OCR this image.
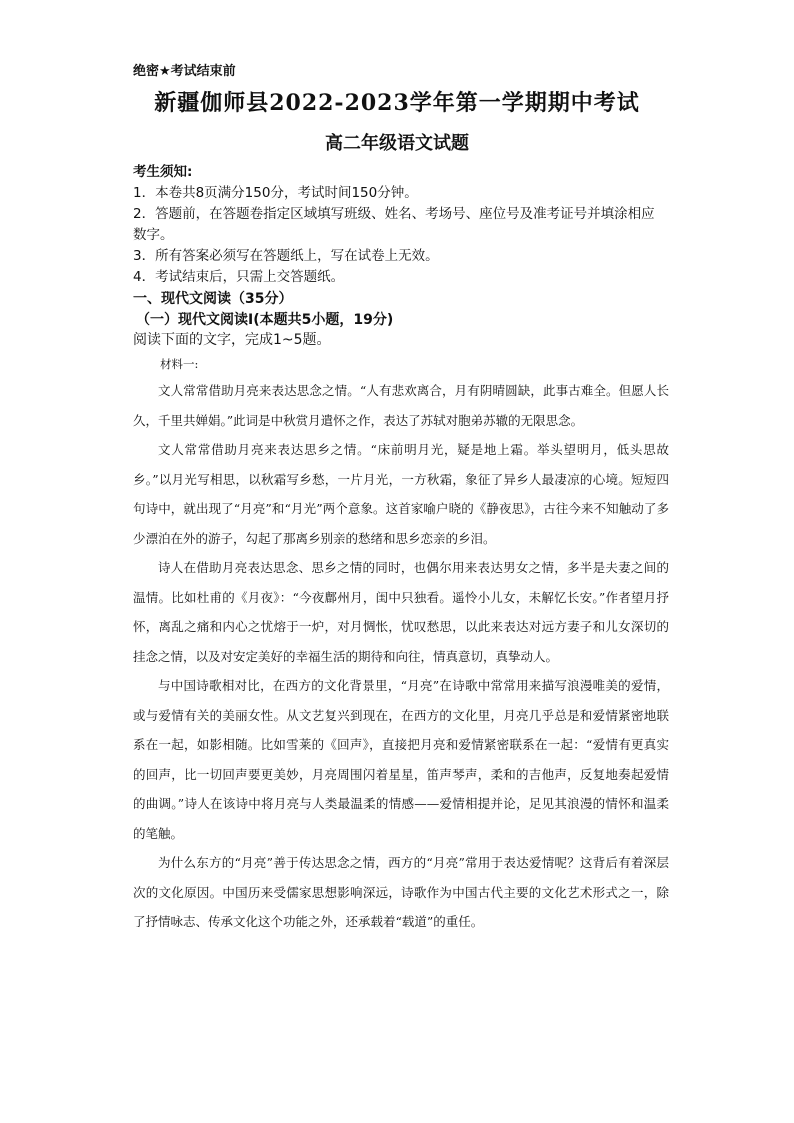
绝密★考试结束前
新疆伽师县2022-2023学年第一学期期中考试
高二年级语文试题
考生须知:
1．本卷共8页满分150分，考试时间150分钟。
2．答题前，在答题卷指定区域填写班级、姓名、考场号、座位号及准考证号并填涂相应数字。
3．所有答案必须写在答题纸上，写在试卷上无效。
4．考试结束后，只需上交答题纸。
一、现代文阅读（35分）
（一）现代文阅读Ⅰ(本题共5小题，19分)
阅读下面的文字，完成1~5题。
材料一:

文人常常借助月亮来表达思念之情。“人有悲欢离合，月有阴晴圆缺，此事古难全。但愿人长久，千里共婵娟。”此词是中秋赏月遣怀之作，表达了苏轼对胞弟苏辙的无限思念。

文人常常借助月亮来表达思乡之情。“床前明月光，疑是地上霜。举头望明月，低头思故乡。”以月光写相思，以秋霜写乡愁，一片月光，一方秋霜，象征了异乡人最凄凉的心境。短短四句诗中，就出现了“月亮”和“月光”两个意象。这首家喻户晓的《静夜思》，古往今来不知触动了多少漂泊在外的游子，勾起了那离乡别亲的愁绪和思乡恋亲的乡泪。

诗人在借助月亮表达思念、思乡之情的同时，也偶尔用来表达男女之情，多半是夫妻之间的温情。比如杜甫的《月夜》：“今夜鄜州月，闺中只独看。遥怜小儿女，未解忆长安。”作者望月抒怀，离乱之痛和内心之忧熔于一炉，对月惆怅，忧叹愁思，以此来表达对远方妻子和儿女深切的挂念之情，以及对安定美好的幸福生活的期待和向往，情真意切，真挚动人。

与中国诗歌相对比，在西方的文化背景里，“月亮”在诗歌中常常用来描写浪漫唯美的爱情，或与爱情有关的美丽女性。从文艺复兴到现在，在西方的文化里，月亮几乎总是和爱情紧密地联系在一起，如影相随。比如雪莱的《回声》，直接把月亮和爱情紧密联系在一起：“爱情有更真实的回声，比一切回声要更美妙，月亮周围闪着星星，笛声琴声，柔和的吉他声，反复地奏起爱情的曲调。”诗人在该诗中将月亮与人类最温柔的情感——爱情相提并论，足见其浪漫的情怀和温柔的笔触。

为什么东方的“月亮”善于传达思念之情，西方的“月亮”常用于表达爱情呢？这背后有着深层次的文化原因。中国历来受儒家思想影响深远，诗歌作为中国古代主要的文化艺术形式之一，除了抒情咏志、传承文化这个功能之外，还承载着“载道”的重任。
